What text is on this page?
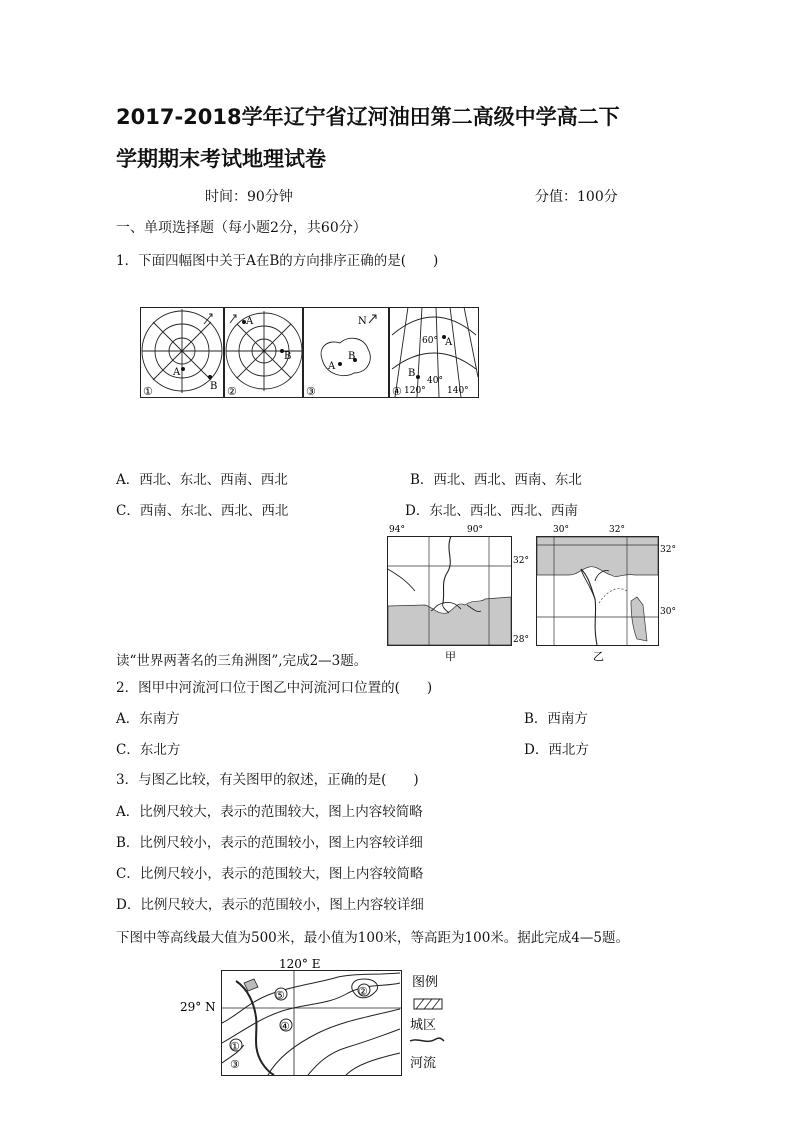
2017-2018学年辽宁省辽河油田第二高级中学高二下
学期期末考试地理试卷
时间：90分钟	分值：100分
一、单项选择题（每小题2分，共60分）
1．下面四幅图中关于A在B的方向排序正确的是(　　)
A
B
①
A
B
②
A
B
N
③
A
B
60°
40°
120° 140°
④
A．西北、东北、西南、西北	B．西北、西北、西南、东北
C．西南、东北、西北、西北	D．东北、西北、西北、西南
94°	90°
32°
28°
甲
30°	32°
32°
30°
乙
读“世界两著名的三角洲图”,完成2—3题。
2．图甲中河流河口位于图乙中河流河口位置的(　　)
A．东南方	B．西南方
C．东北方	D．西北方
3．与图乙比较，有关图甲的叙述，正确的是(　　)
A．比例尺较大，表示的范围较大，图上内容较简略
B．比例尺较小，表示的范围较小，图上内容较详细
C．比例尺较小，表示的范围较大，图上内容较简略
D．比例尺较大，表示的范围较小，图上内容较详细
下图中等高线最大值为500米，最小值为100米，等高距为100米。据此完成4—5题。
120° E
29° N
①
②
③
④
⑤
图例
城区
河流
